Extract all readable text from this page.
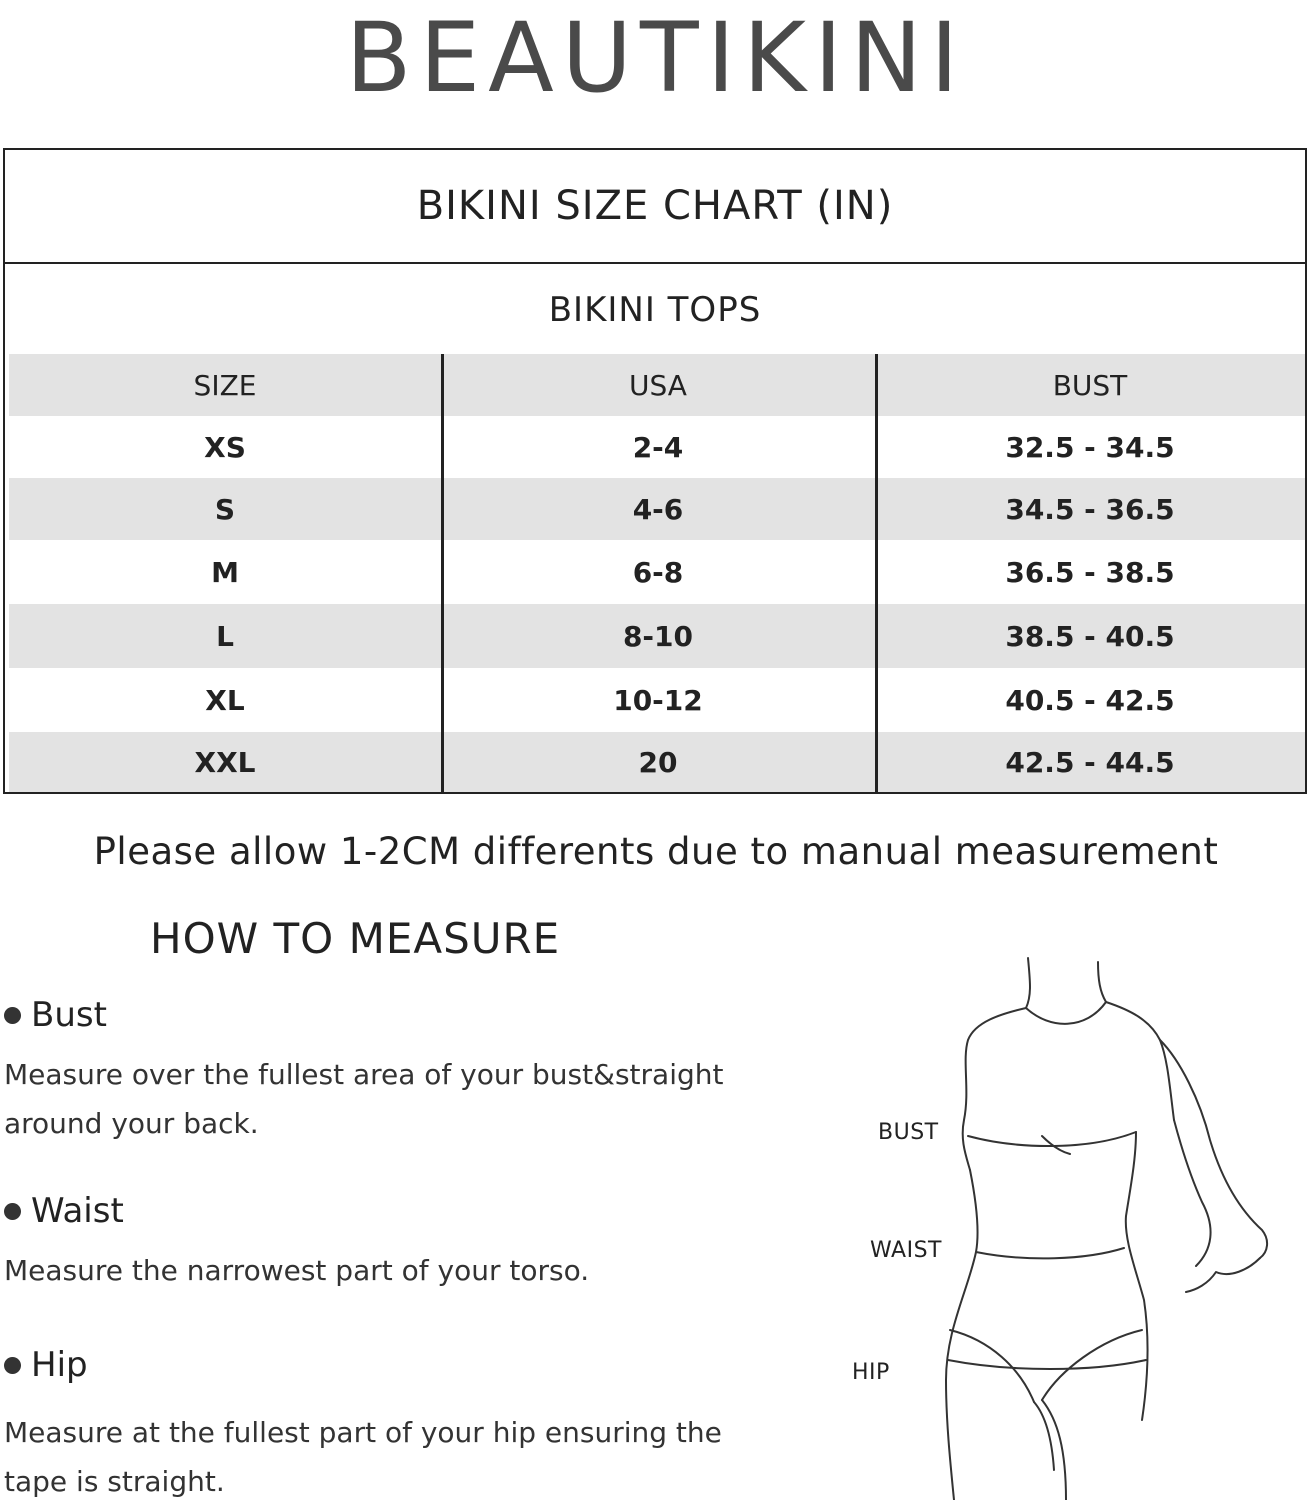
BEAUTIKINI
BIKINI SIZE CHART (IN)
BIKINI TOPS
SIZE	USA	BUST
XS	2-4	32.5 - 34.5
S	4-6	34.5 - 36.5
M	6-8	36.5 - 38.5
L	8-10	38.5 - 40.5
XL	10-12	40.5 - 42.5
XXL	20	42.5 - 44.5
Please allow 1-2CM differents due to manual measurement
HOW TO MEASURE
Bust
Measure over the fullest area of your bust&straight around your back.
Waist
Measure the narrowest part of your torso.
Hip
Measure at the fullest part of your hip ensuring the tape is straight.
BUST
WAIST
HIP
